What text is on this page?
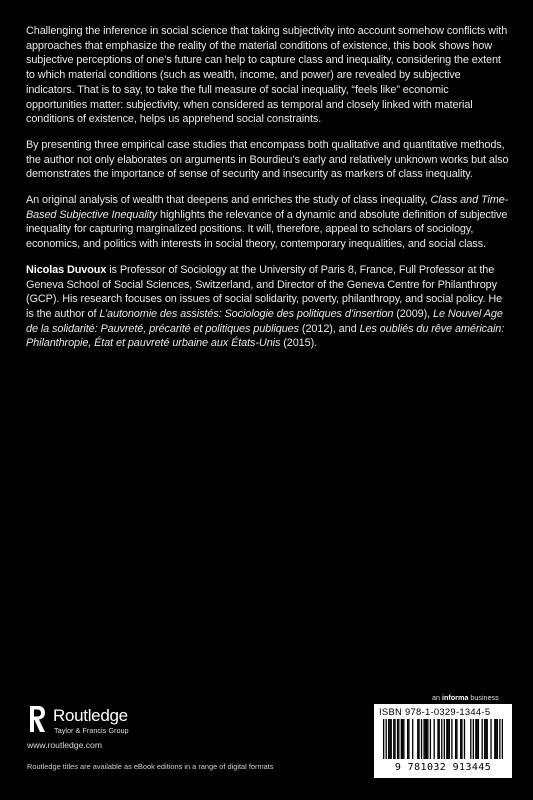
Challenging the inference in social science that taking subjectivity into account somehow conflicts with approaches that emphasize the reality of the material conditions of existence, this book shows how subjective perceptions of one’s future can help to capture class and inequality, considering the extent to which material conditions (such as wealth, income, and power) are revealed by subjective indicators. That is to say, to take the full measure of social inequality, “feels like” economic opportunities matter: subjectivity, when considered as temporal and closely linked with material conditions of existence, helps us apprehend social constraints.

By presenting three empirical case studies that encompass both qualitative and quantitative methods, the author not only elaborates on arguments in Bourdieu’s early and relatively unknown works but also demonstrates the importance of sense of security and insecurity as markers of class inequality.

An original analysis of wealth that deepens and enriches the study of class inequality, Class and Time-Based Subjective Inequality highlights the relevance of a dynamic and absolute definition of subjective inequality for capturing marginalized positions. It will, therefore, appeal to scholars of sociology, economics, and politics with interests in social theory, contemporary inequalities, and social class.

Nicolas Duvoux is Professor of Sociology at the University of Paris 8, France, Full Professor at the Geneva School of Social Sciences, Switzerland, and Director of the Geneva Centre for Philanthropy (GCP). His research focuses on issues of social solidarity, poverty, philanthropy, and social policy. He is the author of L’autonomie des assistés: Sociologie des politiques d’insertion (2009), Le Nouvel Age de la solidarité: Pauvreté, précarité et politiques publiques (2012), and Les oubliés du rêve américain: Philanthropie, État et pauvreté urbaine aux États-Unis (2015).

Routledge
Taylor & Francis Group
www.routledge.com
Routledge titles are available as eBook editions in a range of digital formats
an informa business
ISBN 978-1-0329-1344-5
9 781032 913445
